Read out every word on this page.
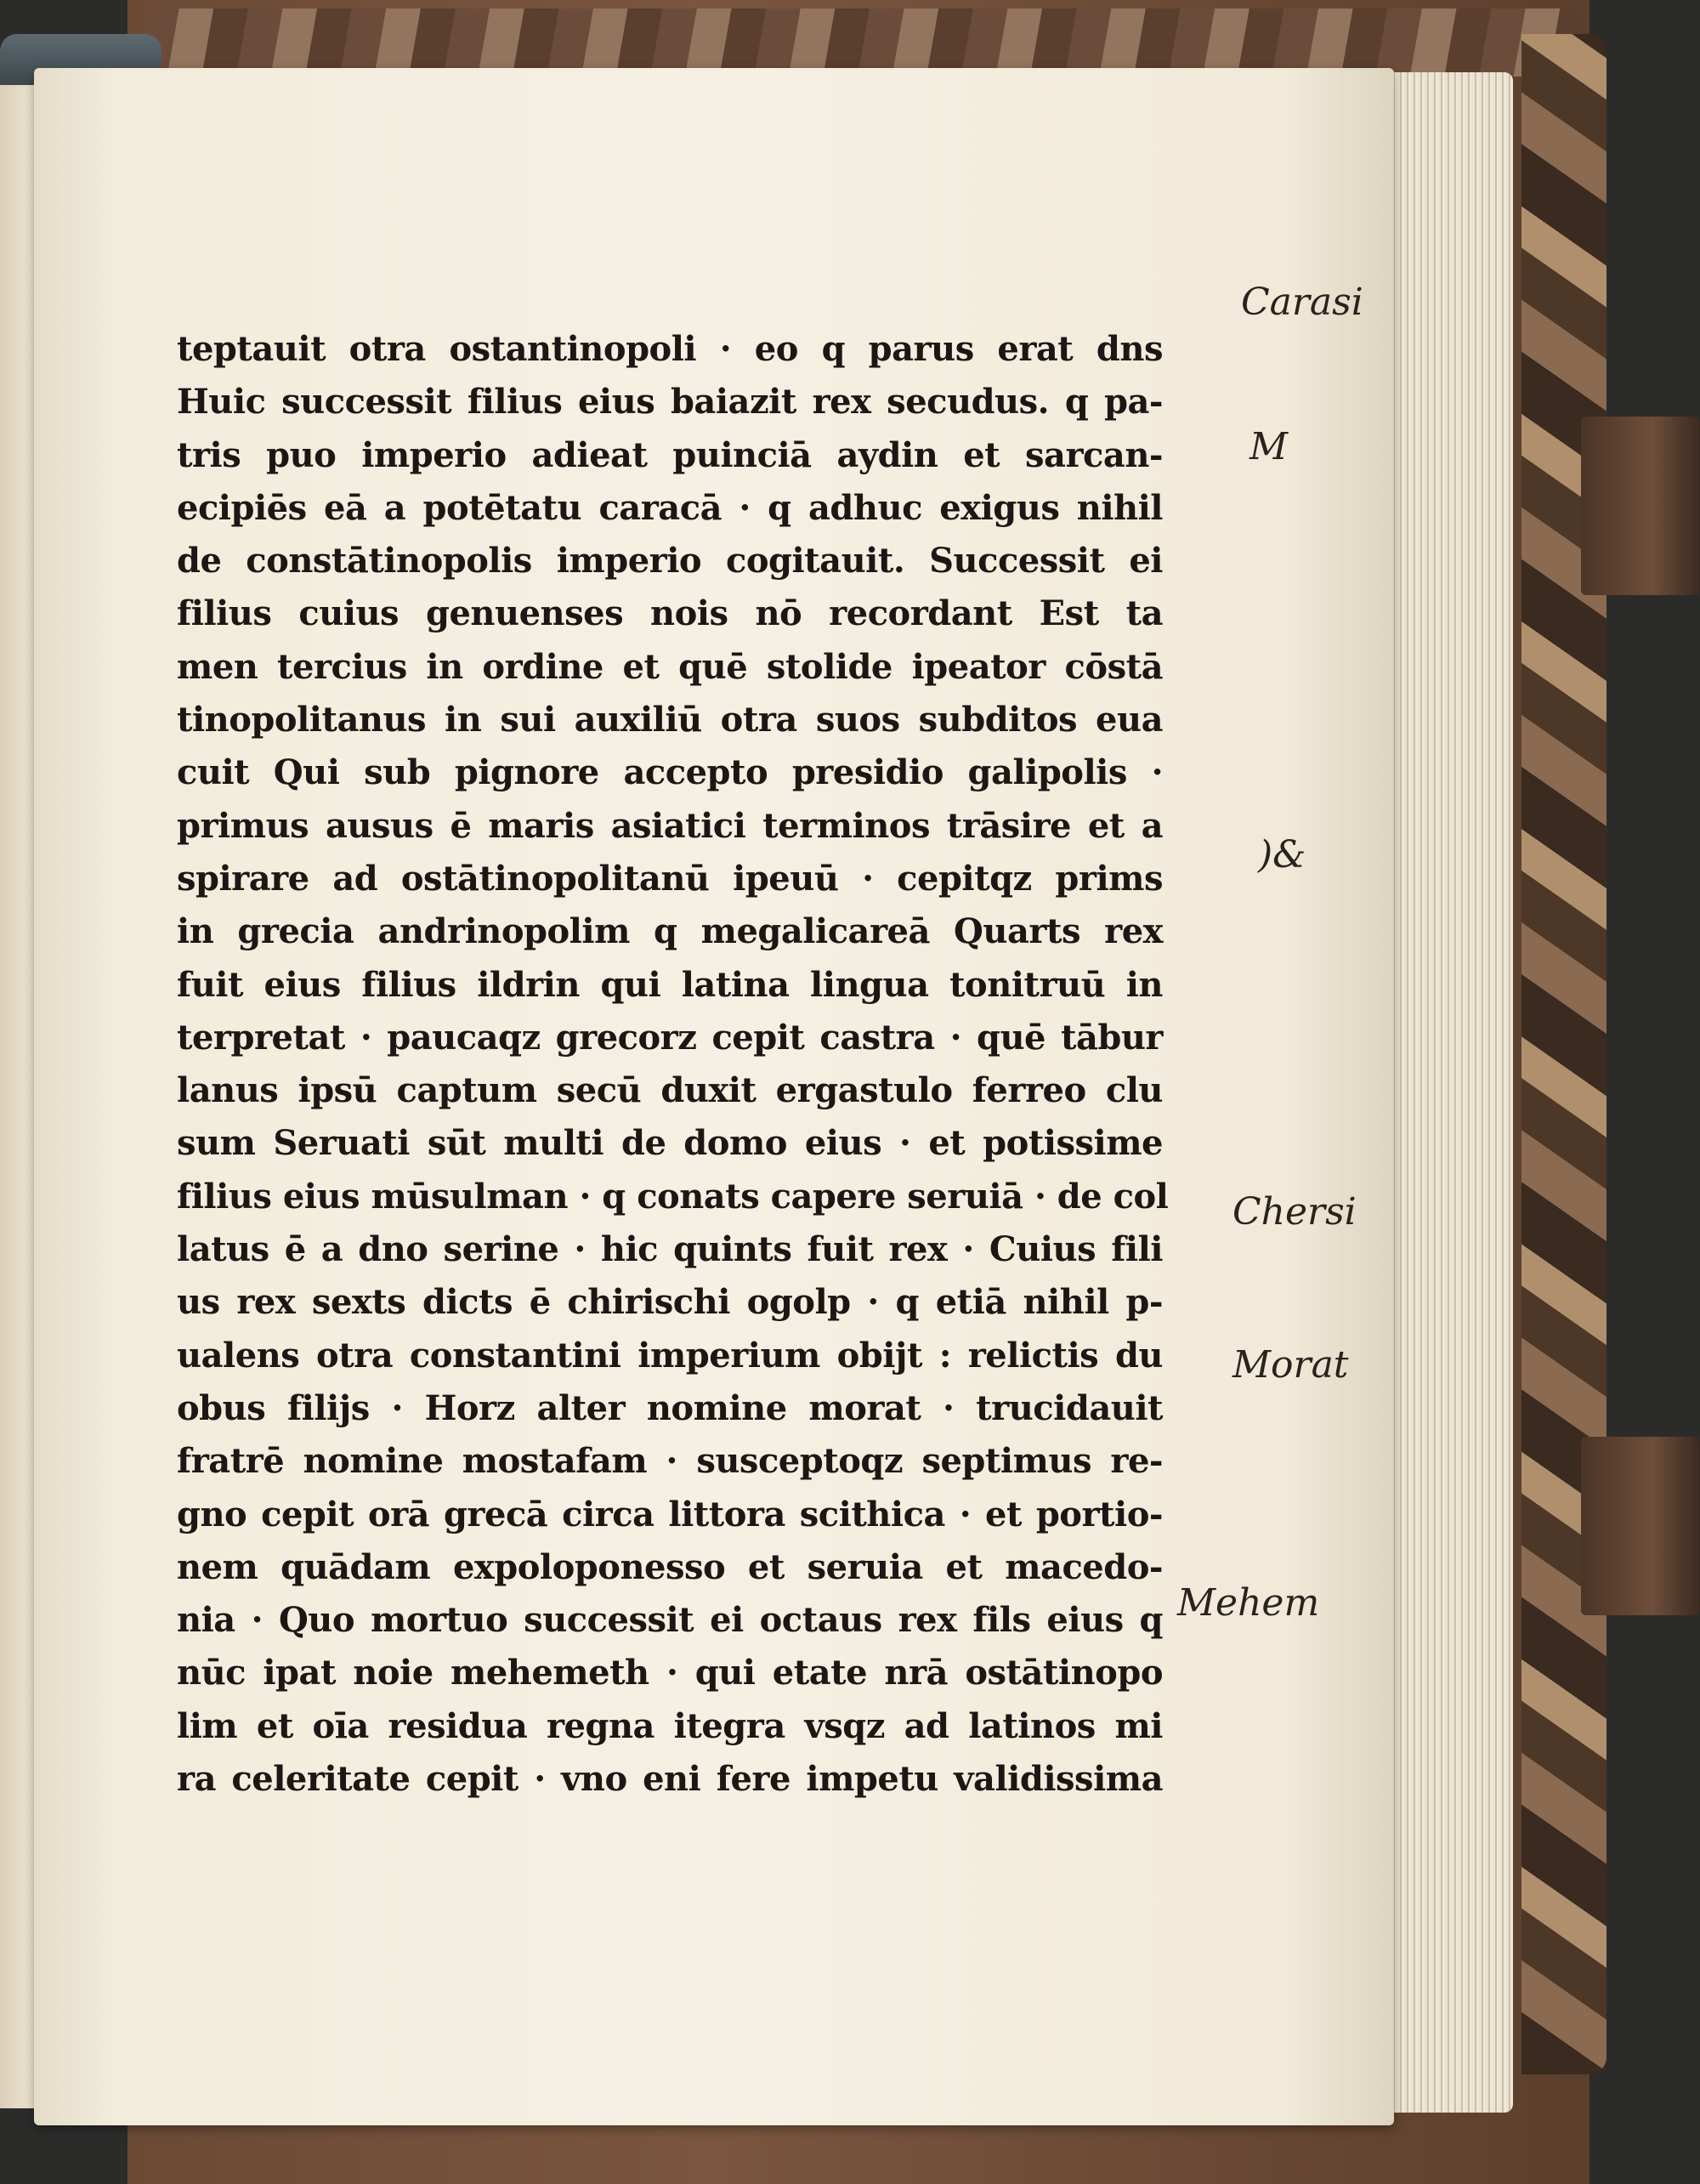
teptauit otra ostantinopoli · eo q parus erat dns
Huic successit filius eius baiazit rex secudus. q pa-
tris puo imperio adieat puinciā aydin et sarcan-
ecipiēs eā a potētatu caracā · q adhuc exigus nihil
de constātinopolis imperio cogitauit. Successit ei
filius cuius genuenses nois nō recordant Est ta
men tercius in ordine et quē stolide ipeator cōstā
tinopolitanus in sui auxiliū otra suos subditos eua
cuit Qui sub pignore accepto presidio galipolis ·
primus ausus ē maris asiatici terminos trāsire et a
spirare ad ostātinopolitanū ipeuū · cepitqz prims
in grecia andrinopolim q megalicareā Quarts rex
fuit eius filius ildrin qui latina lingua tonitruū in
terpretat · paucaqz grecorz cepit castra · quē tābur
lanus ipsū captum secū duxit ergastulo ferreo clu
sum Seruati sūt multi de domo eius · et potissime
filius eius mūsulman · q conats capere seruiā · de col
latus ē a dno serine · hic quints fuit rex · Cuius fili
us rex sexts dicts ē chirischi ogolp · q etiā nihil p-
ualens otra constantini imperium obijt : relictis du
obus filijs · Horz alter nomine morat · trucidauit
fratrē nomine mostafam · susceptoqz septimus re-
gno cepit orā grecā circa littora scithica · et portio-
nem quādam expoloponesso et seruia et macedo-
nia · Quo mortuo successit ei octaus rex fils eius q
nūc ipat noie mehemeth · qui etate nrā ostātinopo
lim et oīa residua regna itegra vsqz ad latinos mi
ra celeritate cepit · vno eni fere impetu validissima
Carasi
M
)&
Chersi
Morat
Mehem
